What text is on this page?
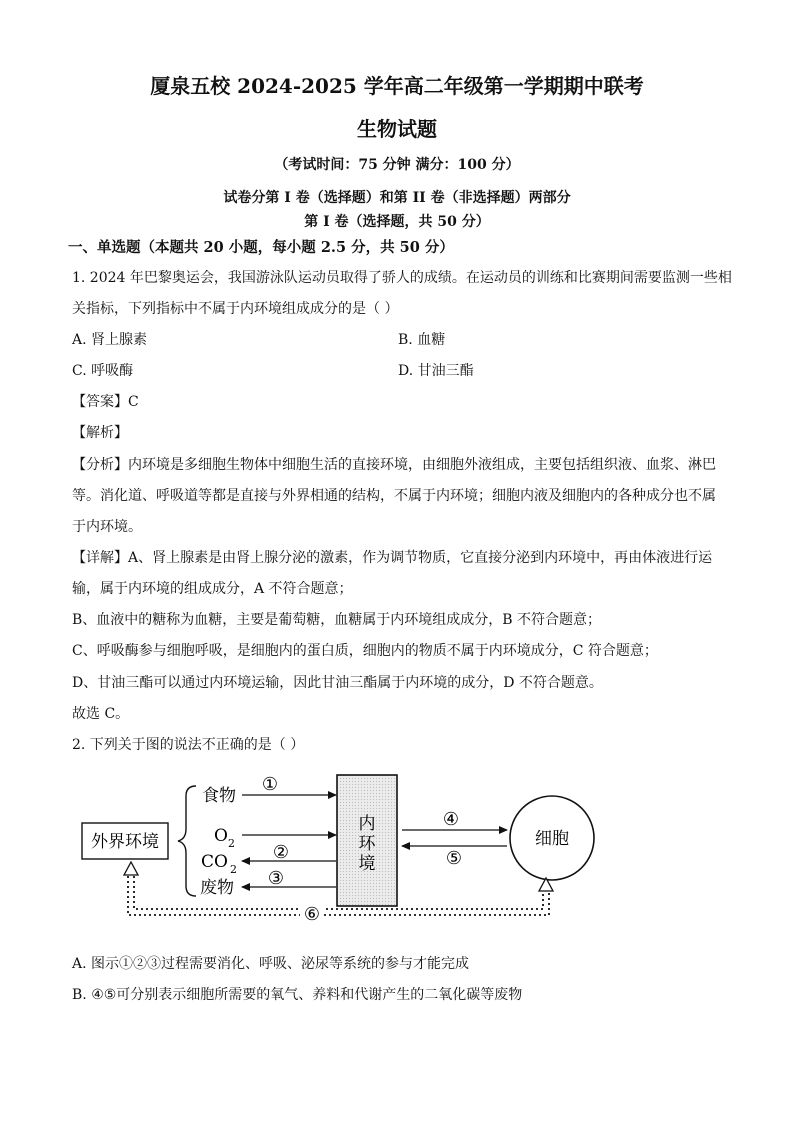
厦泉五校 2024-2025 学年高二年级第一学期期中联考
生物试题
（考试时间：75 分钟 满分：100 分）
试卷分第 I 卷（选择题）和第 II 卷（非选择题）两部分
第 I 卷（选择题，共 50 分）
一、单选题（本题共 20 小题，每小题 2.5 分，共 50 分）
1. 2024 年巴黎奥运会，我国游泳队运动员取得了骄人的成绩。在运动员的训练和比赛期间需要监测一些相
关指标，下列指标中不属于内环境组成成分的是（ ）
A. 肾上腺素	B. 血糖
C. 呼吸酶	D. 甘油三酯
【答案】C
【解析】
【分析】内环境是多细胞生物体中细胞生活的直接环境，由细胞外液组成，主要包括组织液、血浆、淋巴
等。消化道、呼吸道等都是直接与外界相通的结构，不属于内环境；细胞内液及细胞内的各种成分也不属
于内环境。
【详解】A、肾上腺素是由肾上腺分泌的激素，作为调节物质，它直接分泌到内环境中，再由体液进行运
输，属于内环境的组成成分，A 不符合题意；
B、血液中的糖称为血糖，主要是葡萄糖，血糖属于内环境组成成分，B 不符合题意；
C、呼吸酶参与细胞呼吸，是细胞内的蛋白质，细胞内的物质不属于内环境成分，C 符合题意；
D、甘油三酯可以通过内环境运输，因此甘油三酯属于内环境的成分，D 不符合题意。
故选 C。
2. 下列关于图的说法不正确的是（ ）
外界环境
食物
O 2
CO 2
废物
①
②
③
内
环
境
④
⑤
细胞
⑥
A. 图示①②③过程需要消化、呼吸、泌尿等系统的参与才能完成
B. ④⑤可分别表示细胞所需要的氧气、养料和代谢产生的二氧化碳等废物
